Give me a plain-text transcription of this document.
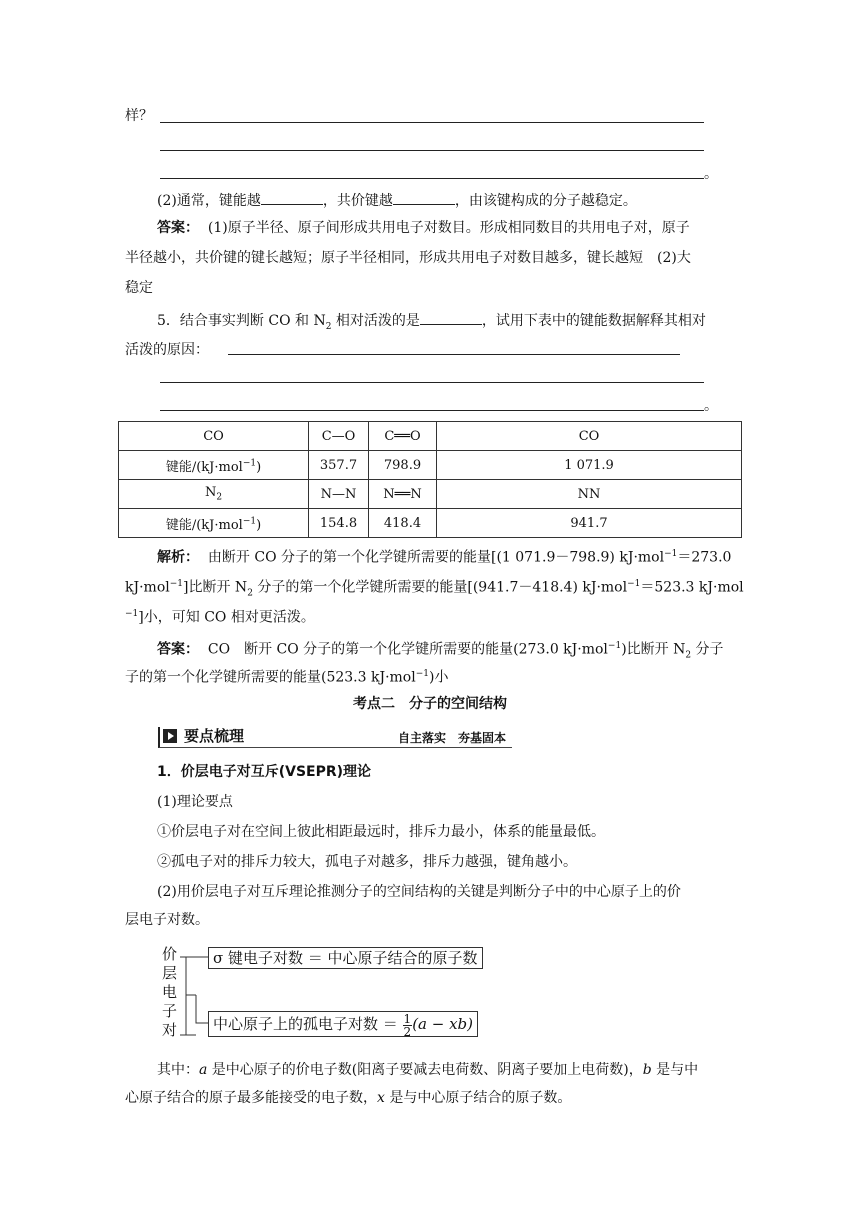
样？
。
(2)通常，键能越	，共价键越	，由该键构成的分子越稳定。
答案： (1)原子半径、原子间形成共用电子对数目。形成相同数目的共用电子对，原子
半径越小，共价键的键长越短；原子半径相同，形成共用电子对数目越多，键长越短　(2)大
稳定
5．结合事实判断 CO 和 $N_2$ 相对活泼的是	，试用下表中的键能数据解释其相对
活泼的原因：
。
CO	C—O	C══O	CO
键能/(kJ·mol$^{-1}$)	357.7	798.9	1 071.9
$N_2$	N—N	N══N	NN
键能/(kJ·mol$^{-1}$)	154.8	418.4	941.7
解析： 由断开 CO 分子的第一个化学键所需要的能量[(1 071.9－798.9) kJ·mol$^{-1}$＝273.0
kJ·mol$^{-1}$]比断开 $N_2$ 分子的第一个化学键所需要的能量[(941.7－418.4) kJ·mol$^{-1}$＝523.3 kJ·mol
$^{-1}$]小，可知 CO 相对更活泼。
答案： CO　断开 CO 分子的第一个化学键所需要的能量(273.0 kJ·mol$^{-1}$)比断开 $N_2$ 分子
子的第一个化学键所需要的能量(523.3 kJ·mol$^{-1}$)小
考点二　分子的空间结构
要点梳理	自主落实　夯基固本
1．价层电子对互斥(VSEPR)理论
(1)理论要点
①价层电子对在空间上彼此相距最远时，排斥力最小，体系的能量最低。
②孤电子对的排斥力较大，孤电子对越多，排斥力越强，键角越小。
(2)用价层电子对互斥理论推测分子的空间结构的关键是判断分子中的中心原子上的价
层电子对数。
价
层
电
子
对
σ 键电子对数 ＝ 中心原子结合的原子数
中心原子上的孤电子对数 ＝ $\frac{1}{2} (a - xb)$
其中：a 是中心原子的价电子数(阳离子要减去电荷数、阴离子要加上电荷数)，b 是与中
心原子结合的原子最多能接受的电子数，x 是与中心原子结合的原子数。
